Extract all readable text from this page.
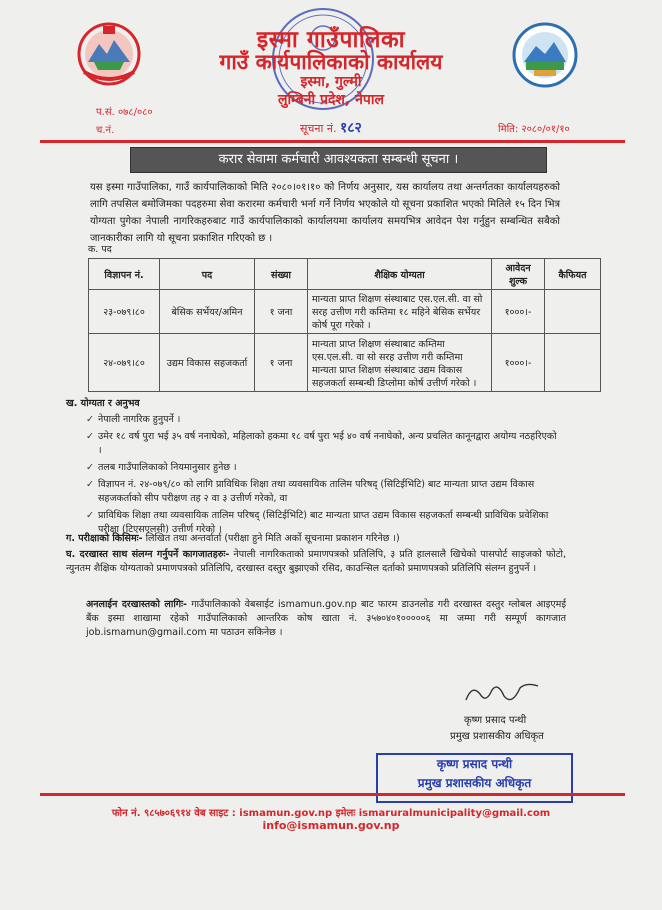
इस्मा गाउँपालिका
गाउँ कार्यपालिकाको कार्यालय
इस्मा, गुल्मी
लुम्बिनी प्रदेश, नेपाल
प.सं. ०७८/०८०
च.नं.	सूचना नं. १८२	मिति: २०८०/०१/१०
करार सेवामा कर्मचारी आवश्यकता सम्बन्धी सूचना ।
यस इस्मा गाउँपालिका, गाउँ कार्यपालिकाको मिति २०८०।०१।१० को निर्णय अनुसार, यस कार्यालय तथा अन्तर्गतका कार्यालयहरुको लागि तपसिल बमोजिमका पदहरुमा सेवा करारमा कर्मचारी भर्ना गर्ने निर्णय भएकोले यो सूचना प्रकाशित भएको मितिले १५ दिन भित्र योग्यता पुगेका नेपाली नागरिकहरुबाट गाउँ कार्यपालिकाको कार्यालयमा कार्यालय समयभित्र आवेदन पेश गर्नुहुन सम्बन्धित सबैको जानकारीका लागि यो सूचना प्रकाशित गरिएको छ ।
क. पद
विज्ञापन नं.	पद	संख्या	शैक्षिक योग्यता	आवेदन शुल्क	कैफियत
२३-०७९।८०	बेसिक सर्भेयर/अमिन	१ जना	मान्यता प्राप्त शिक्षण संस्थाबाट एस.एल.सी. वा सो सरह उत्तीण गरी कम्तिमा १८ महिने बेसिक सर्भेयर कोर्ष पूरा गरेको ।	१०००।-	
२४-०७९।८०	उद्यम विकास सहजकर्ता	१ जना	मान्यता प्राप्त शिक्षण संस्थाबाट कम्तिमा एस.एल.सी. वा सो सरह उत्तीण गरी कम्तिमा मान्यता प्राप्त शिक्षण संस्थाबाट उद्यम विकास सहजकर्ता सम्बन्धी डिप्लोमा कोर्ष उत्तीर्ण गरेको ।	१०००।-	
ख. योग्यता र अनुभव
✓ नेपाली नागरिक हुनुपर्ने ।
✓ उमेर १८ वर्ष पुरा भई ३५ वर्ष ननाघेको, महिलाको हकमा १८ वर्ष पुरा भई ४० वर्ष ननाघेको, अन्य प्रचलित कानूनद्वारा अयोग्य नठहरिएको ।
✓ तलब गाउँपालिकाको नियमानुसार हुनेछ ।
✓ विज्ञापन नं. २४-०७९/८० को लागि प्राविधिक शिक्षा तथा व्यवसायिक तालिम परिषद् (सिटिईभिटि) बाट मान्यता प्राप्त उद्यम विकास सहजकर्ताको सीप परीक्षण तह २ वा ३ उत्तीर्ण गरेको, वा
✓ प्राविधिक शिक्षा तथा व्यवसायिक तालिम परिषद् (सिटिईभिटि) बाट मान्यता प्राप्त उद्यम विकास सहजकर्ता सम्बन्धी प्राविधिक प्रवेशिका परीक्षा (टिएसएलसी) उत्तीर्ण गरेको ।
ग. परीक्षाको किसिमः- लिखित तथा अन्तर्वार्ता (परीक्षा हुने मिति अर्को सूचनामा प्रकाशन गरिनेछ ।)
घ. दरखास्त साथ संलग्न गर्नुपर्ने कागजातहरुः- नेपाली नागरिकताको प्रमाणपत्रको प्रतिलिपि, ३ प्रति हालसालै खिचेको पासपोर्ट साइजको फोटो, न्युनतम शैक्षिक योग्यताको प्रमाणपत्रको प्रतिलिपि, दरखास्त दस्तुर बुझाएको रसिद, काउन्सिल दर्ताको प्रमाणपत्रको प्रतिलिपि संलग्न हुनुपर्ने ।
अनलाईन दरखास्तको लागिः- गाउँपालिकाको वेबसाईट ismamun.gov.np बाट फारम डाउनलोड गरी दरखास्त दस्तुर ग्लोबल आइएमई बैंक इस्मा शाखामा रहेको गाउँपालिकाको आन्तरिक कोष खाता नं. ३५७०४०१०००००६ मा जम्मा गरी सम्पूर्ण कागजात job.ismamun@gmail.com मा पठाउन सकिनेछ ।
कृष्ण प्रसाद पन्थी
प्रमुख प्रशासकीय अधिकृत
कृष्ण प्रसाद पन्थी
प्रमुख प्रशासकीय अधिकृत
फोन नं. ९८५७०६९१४ वेब साइट : ismamun.gov.np इमेलः ismaruralmunicipality@gmail.com
info@ismamun.gov.np
